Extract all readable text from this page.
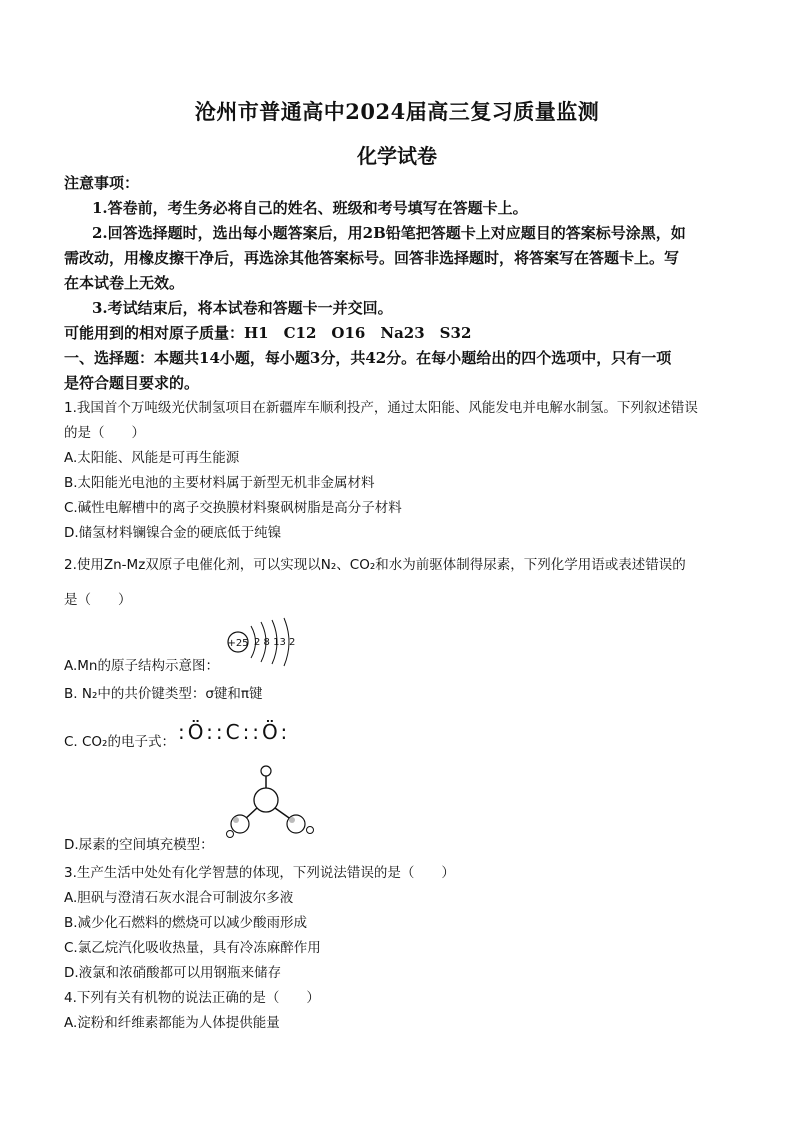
沧州市普通高中2024届高三复习质量监测
化学试卷
注意事项：
1.答卷前，考生务必将自己的姓名、班级和考号填写在答题卡上。
2.回答选择题时，选出每小题答案后，用2B铅笔把答题卡上对应题目的答案标号涂黑，如
需改动，用橡皮擦干净后，再选涂其他答案标号。回答非选择题时，将答案写在答题卡上。写
在本试卷上无效。
3.考试结束后，将本试卷和答题卡一并交回。
可能用到的相对原子质量：H1　C12　O16　Na23　S32
一、选择题：本题共14小题，每小题3分，共42分。在每小题给出的四个选项中，只有一项
是符合题目要求的。
1.我国首个万吨级光伏制氢项目在新疆库车顺利投产，通过太阳能、风能发电并电解水制氢。下列叙述错误
的是（　　）
A.太阳能、风能是可再生能源
B.太阳能光电池的主要材料属于新型无机非金属材料
C.碱性电解槽中的离子交换膜材料聚砜树脂是高分子材料
D.储氢材料镧镍合金的硬底低于纯镍
2.使用Zn-Mz双原子电催化剂，可以实现以N₂、CO₂和水为前驱体制得尿素，下列化学用语或表述错误的
是（　　）
+25 2 8 13 2
A.Mn的原子结构示意图：
B. N₂中的共价键类型：σ键和π键
C. CO₂的电子式： :Ö::C::Ö:
D.尿素的空间填充模型：
3.生产生活中处处有化学智慧的体现，下列说法错误的是（　　）
A.胆矾与澄清石灰水混合可制波尔多液
B.减少化石燃料的燃烧可以减少酸雨形成
C.氯乙烷汽化吸收热量，具有冷冻麻醉作用
D.液氯和浓硝酸都可以用钢瓶来储存
4.下列有关有机物的说法正确的是（　　）
A.淀粉和纤维素都能为人体提供能量
